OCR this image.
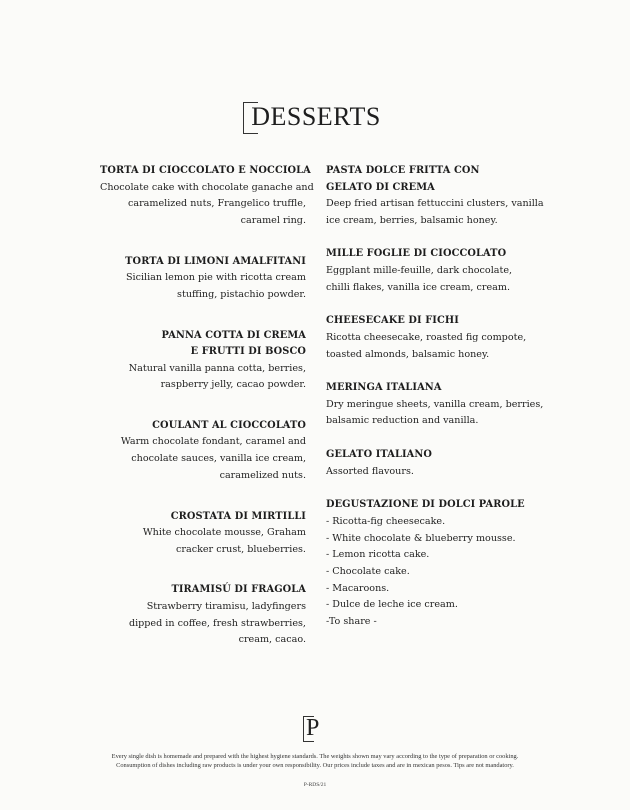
DESSERTS
TORTA DI CIOCCOLATO E NOCCIOLA
Chocolate cake with chocolate ganache and
caramelized nuts, Frangelico truffle,
caramel ring.
TORTA DI LIMONI AMALFITANI
Sicilian lemon pie with ricotta cream
stuffing, pistachio powder.
PANNA COTTA DI CREMA
E FRUTTI DI BOSCO
Natural vanilla panna cotta, berries,
raspberry jelly, cacao powder.
COULANT AL CIOCCOLATO
Warm chocolate fondant, caramel and
chocolate sauces, vanilla ice cream,
caramelized nuts.
CROSTATA DI MIRTILLI
White chocolate mousse, Graham
cracker crust, blueberries.
TIRAMISÚ DI FRAGOLA
Strawberry tiramisu, ladyfingers
dipped in coffee, fresh strawberries,
cream, cacao.
PASTA DOLCE FRITTA CON
GELATO DI CREMA
Deep fried artisan fettuccini clusters, vanilla
ice cream, berries, balsamic honey.
MILLE FOGLIE DI CIOCCOLATO
Eggplant mille-feuille, dark chocolate,
chilli flakes, vanilla ice cream, cream.
CHEESECAKE DI FICHI
Ricotta cheesecake, roasted fig compote,
toasted almonds, balsamic honey.
MERINGA ITALIANA
Dry meringue sheets, vanilla cream, berries,
balsamic reduction and vanilla.
GELATO ITALIANO
Assorted flavours.
DEGUSTAZIONE DI DOLCI PAROLE
- Ricotta-fig cheesecake.
- White chocolate & blueberry mousse.
- Lemon ricotta cake.
- Chocolate cake.
- Macaroons.
- Dulce de leche ice cream.
-To share -
P
Every single dish is homemade and prepared with the highest hygiene standards. The weights shown may vary according to the type of preparation or cooking.
Consumption of dishes including raw products is under your own responsibility. Our prices include taxes and are in mexican pesos. Tips are not mandatory.
P-RDS/21
